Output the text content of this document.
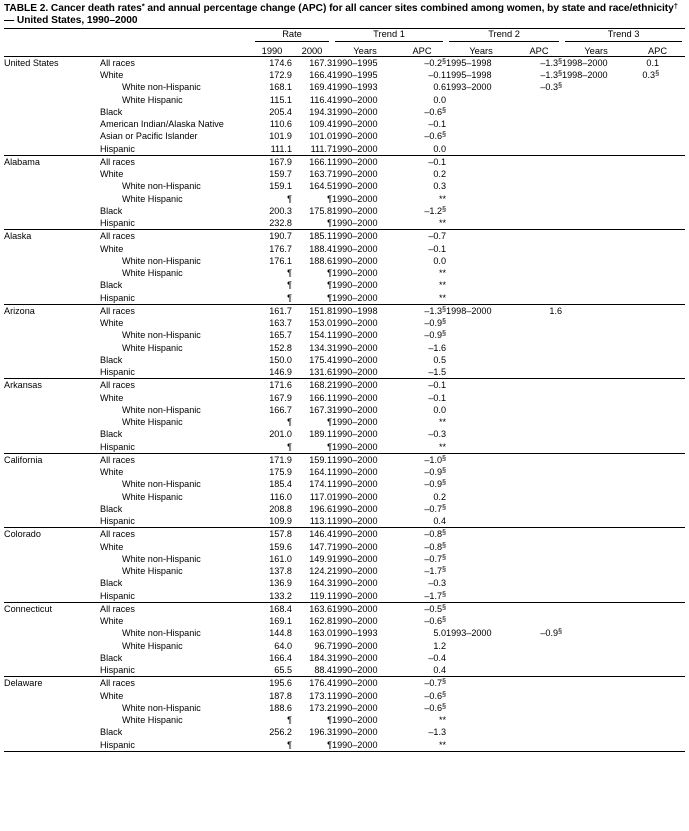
TABLE 2. Cancer death rates* and annual percentage change (APC) for all cancer sites combined among women, by state and race/ethnicity† — United States, 1990–2000

		Rate		Trend 1		Trend 2		Trend 3	

		1990	2000	Years	APC	Years	APC	Years	APC

United States	All races	174.6	167.3	1990–1995	–0.2§	1995–1998	–1.3§	1998–2000	0.1
	White	172.9	166.4	1990–1995	–0.1	1995–1998	–1.3§	1998–2000	0.3§
	White non-Hispanic	168.1	169.4	1990–1993	0.6	1993–2000	–0.3§		
	White Hispanic	115.1	116.4	1990–2000	0.0				
	Black	205.4	194.3	1990–2000	–0.6§				
	American Indian/Alaska Native	110.6	109.4	1990–2000	–0.1				
	Asian or Pacific Islander	101.9	101.0	1990–2000	–0.6§				
	Hispanic	111.1	111.7	1990–2000	0.0				
Alabama	All races	167.9	166.1	1990–2000	–0.1				
	White	159.7	163.7	1990–2000	0.2				
	White non-Hispanic	159.1	164.5	1990–2000	0.3				
	White Hispanic	¶	¶	1990–2000	**				
	Black	200.3	175.8	1990–2000	–1.2§				
	Hispanic	232.8	¶	1990–2000	**				
Alaska	All races	190.7	185.1	1990–2000	–0.7				
	White	176.7	188.4	1990–2000	–0.1				
	White non-Hispanic	176.1	188.6	1990–2000	0.0				
	White Hispanic	¶	¶	1990–2000	**				
	Black	¶	¶	1990–2000	**				
	Hispanic	¶	¶	1990–2000	**				
Arizona	All races	161.7	151.8	1990–1998	–1.3§	1998–2000	1.6		
	White	163.7	153.0	1990–2000	–0.9§				
	White non-Hispanic	165.7	154.1	1990–2000	–0.9§				
	White Hispanic	152.8	134.3	1990–2000	–1.6				
	Black	150.0	175.4	1990–2000	0.5				
	Hispanic	146.9	131.6	1990–2000	–1.5				
Arkansas	All races	171.6	168.2	1990–2000	–0.1				
	White	167.9	166.1	1990–2000	–0.1				
	White non-Hispanic	166.7	167.3	1990–2000	0.0				
	White Hispanic	¶	¶	1990–2000	**				
	Black	201.0	189.1	1990–2000	–0.3				
	Hispanic	¶	¶	1990–2000	**				
California	All races	171.9	159.1	1990–2000	–1.0§				
	White	175.9	164.1	1990–2000	–0.9§				
	White non-Hispanic	185.4	174.1	1990–2000	–0.9§				
	White Hispanic	116.0	117.0	1990–2000	0.2				
	Black	208.8	196.6	1990–2000	–0.7§				
	Hispanic	109.9	113.1	1990–2000	0.4				
Colorado	All races	157.8	146.4	1990–2000	–0.8§				
	White	159.6	147.7	1990–2000	–0.8§				
	White non-Hispanic	161.0	149.9	1990–2000	–0.7§				
	White Hispanic	137.8	124.2	1990–2000	–1.7§				
	Black	136.9	164.3	1990–2000	–0.3				
	Hispanic	133.2	119.1	1990–2000	–1.7§				
Connecticut	All races	168.4	163.6	1990–2000	–0.5§				
	White	169.1	162.8	1990–2000	–0.6§				
	White non-Hispanic	144.8	163.0	1990–1993	5.0	1993–2000	–0.9§		
	White Hispanic	64.0	96.7	1990–2000	1.2				
	Black	166.4	184.3	1990–2000	–0.4				
	Hispanic	65.5	88.4	1990–2000	0.4				
Delaware	All races	195.6	176.4	1990–2000	–0.7§				
	White	187.8	173.1	1990–2000	–0.6§				
	White non-Hispanic	188.6	173.2	1990–2000	–0.6§				
	White Hispanic	¶	¶	1990–2000	**				
	Black	256.2	196.3	1990–2000	–1.3				
	Hispanic	¶	¶	1990–2000	**				
